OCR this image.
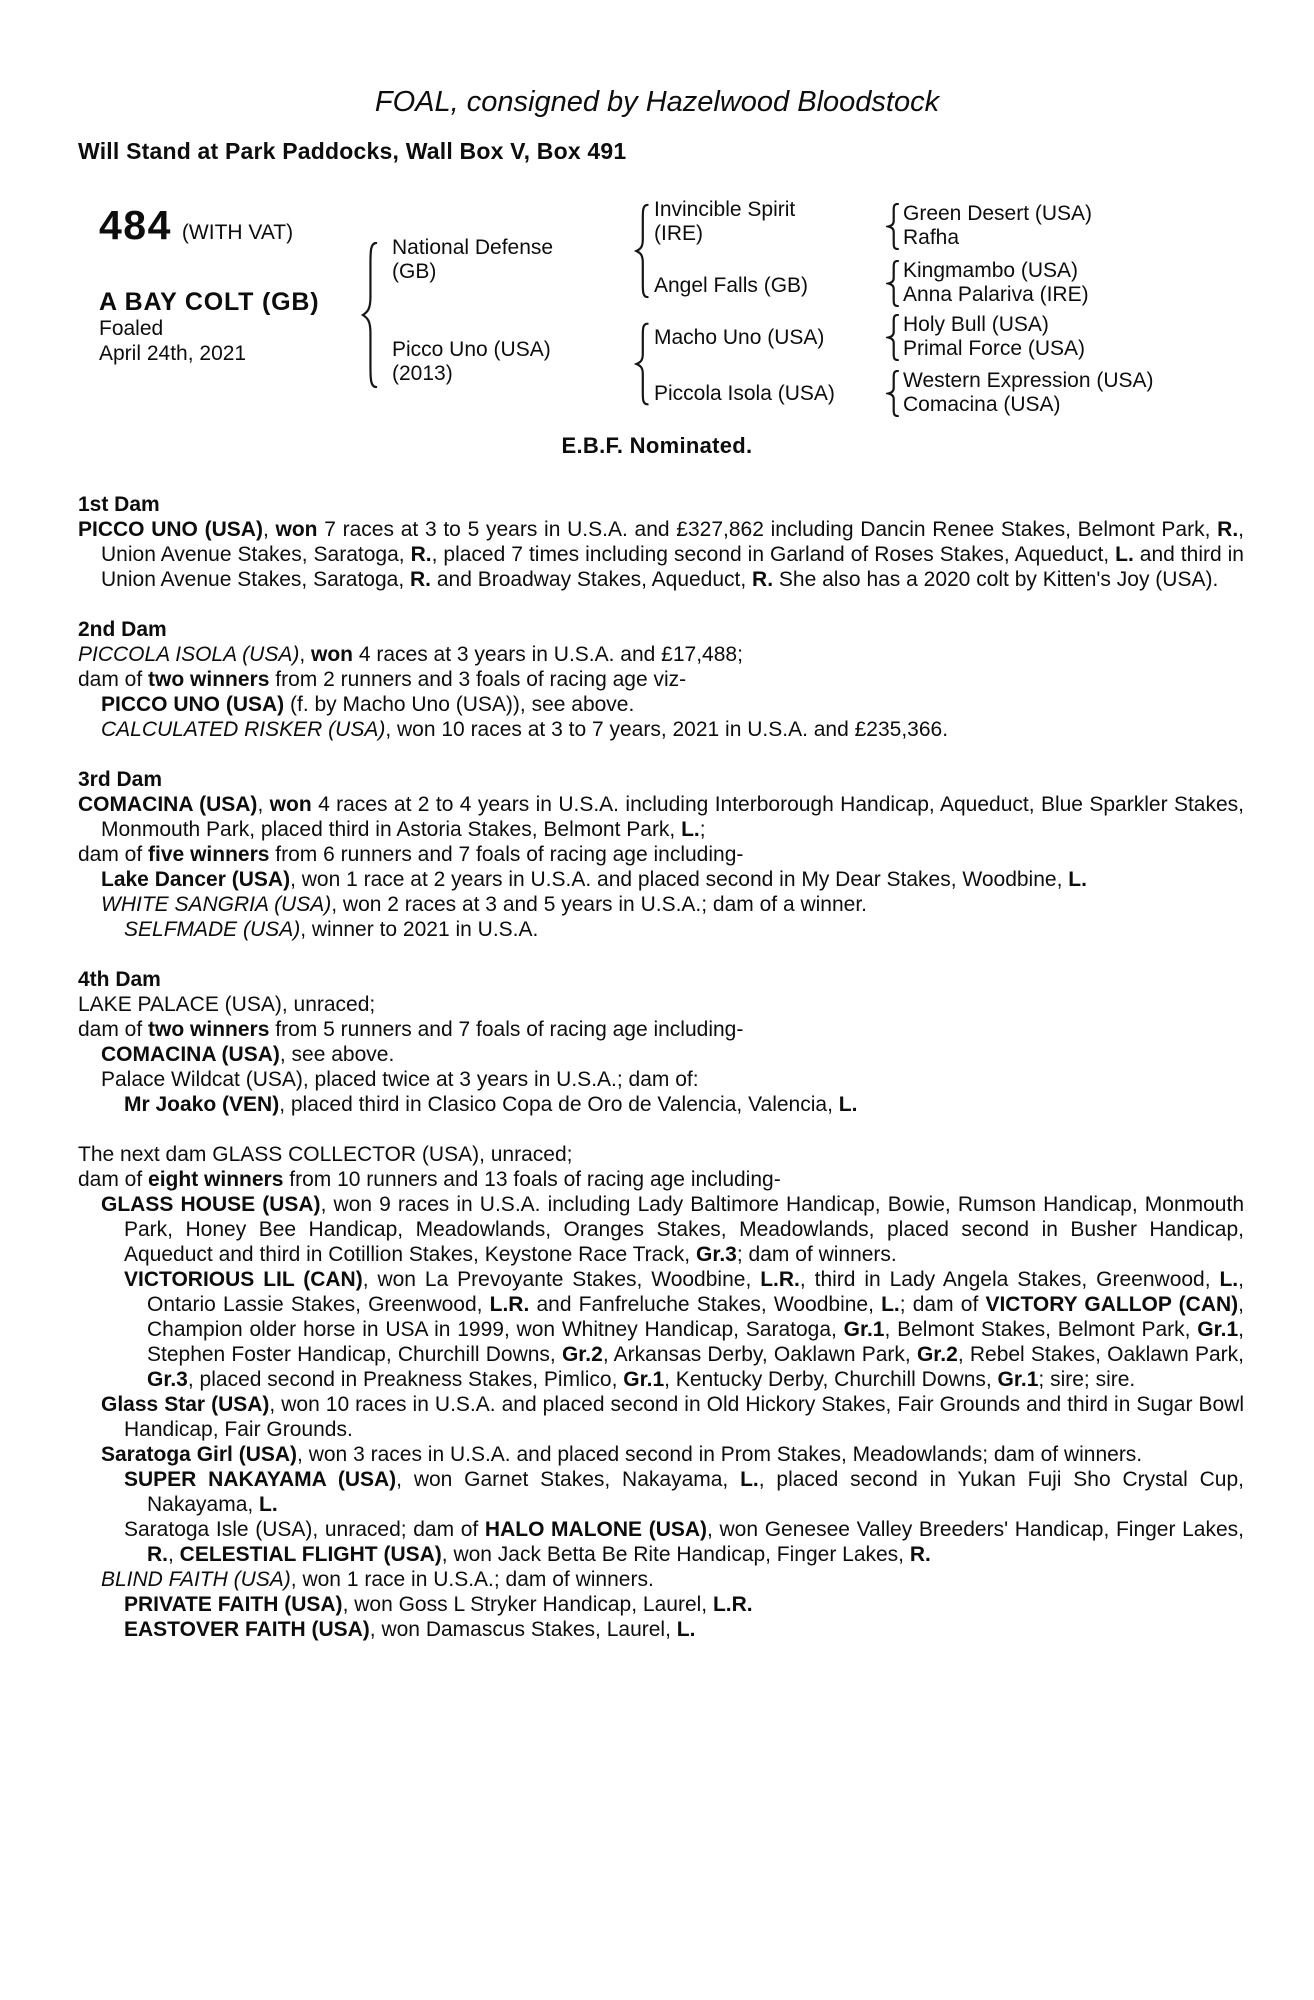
FOAL, consigned by Hazelwood Bloodstock
Will Stand at Park Paddocks, Wall Box V, Box 491
484 (WITH VAT)
A BAY COLT (GB)
Foaled
April 24th, 2021
National Defense
(GB)
Picco Uno (USA)
(2013)
Invincible Spirit
(IRE)
Angel Falls (GB)
Macho Uno (USA)
Piccola Isola (USA)
Green Desert (USA)
Rafha
Kingmambo (USA)
Anna Palariva (IRE)
Holy Bull (USA)
Primal Force (USA)
Western Expression (USA)
Comacina (USA)
E.B.F. Nominated.

1st Dam

PICCO UNO (USA), won 7 races at 3 to 5 years in U.S.A. and £327,862 including Dancin Renee Stakes, Belmont Park, R., Union Avenue Stakes, Saratoga, R., placed 7 times including second in Garland of Roses Stakes, Aqueduct, L. and third in Union Avenue Stakes, Saratoga, R. and Broadway Stakes, Aqueduct, R. She also has a 2020 colt by Kitten's Joy (USA).

2nd Dam

PICCOLA ISOLA (USA), won 4 races at 3 years in U.S.A. and £17,488;

dam of two winners from 2 runners and 3 foals of racing age viz-

PICCO UNO (USA) (f. by Macho Uno (USA)), see above.

CALCULATED RISKER (USA), won 10 races at 3 to 7 years, 2021 in U.S.A. and £235,366.

3rd Dam

COMACINA (USA), won 4 races at 2 to 4 years in U.S.A. including Interborough Handicap, Aqueduct, Blue Sparkler Stakes, Monmouth Park, placed third in Astoria Stakes, Belmont Park, L.;

dam of five winners from 6 runners and 7 foals of racing age including-

Lake Dancer (USA), won 1 race at 2 years in U.S.A. and placed second in My Dear Stakes, Woodbine, L.

WHITE SANGRIA (USA), won 2 races at 3 and 5 years in U.S.A.; dam of a winner.

SELFMADE (USA), winner to 2021 in U.S.A.

4th Dam

LAKE PALACE (USA), unraced;

dam of two winners from 5 runners and 7 foals of racing age including-

COMACINA (USA), see above.

Palace Wildcat (USA), placed twice at 3 years in U.S.A.; dam of:

Mr Joako (VEN), placed third in Clasico Copa de Oro de Valencia, Valencia, L.

The next dam GLASS COLLECTOR (USA), unraced;

dam of eight winners from 10 runners and 13 foals of racing age including-

GLASS HOUSE (USA), won 9 races in U.S.A. including Lady Baltimore Handicap, Bowie, Rumson Handicap, Monmouth Park, Honey Bee Handicap, Meadowlands, Oranges Stakes, Meadowlands, placed second in Busher Handicap, Aqueduct and third in Cotillion Stakes, Keystone Race Track, Gr.3; dam of winners.

VICTORIOUS LIL (CAN), won La Prevoyante Stakes, Woodbine, L.R., third in Lady Angela Stakes, Greenwood, L., Ontario Lassie Stakes, Greenwood, L.R. and Fanfreluche Stakes, Woodbine, L.; dam of VICTORY GALLOP (CAN), Champion older horse in USA in 1999, won Whitney Handicap, Saratoga, Gr.1, Belmont Stakes, Belmont Park, Gr.1, Stephen Foster Handicap, Churchill Downs, Gr.2, Arkansas Derby, Oaklawn Park, Gr.2, Rebel Stakes, Oaklawn Park, Gr.3, placed second in Preakness Stakes, Pimlico, Gr.1, Kentucky Derby, Churchill Downs, Gr.1; sire; sire.

Glass Star (USA), won 10 races in U.S.A. and placed second in Old Hickory Stakes, Fair Grounds and third in Sugar Bowl Handicap, Fair Grounds.

Saratoga Girl (USA), won 3 races in U.S.A. and placed second in Prom Stakes, Meadowlands; dam of winners.

SUPER NAKAYAMA (USA), won Garnet Stakes, Nakayama, L., placed second in Yukan Fuji Sho Crystal Cup, Nakayama, L.

Saratoga Isle (USA), unraced; dam of HALO MALONE (USA), won Genesee Valley Breeders' Handicap, Finger Lakes, R., CELESTIAL FLIGHT (USA), won Jack Betta Be Rite Handicap, Finger Lakes, R.

BLIND FAITH (USA), won 1 race in U.S.A.; dam of winners.

PRIVATE FAITH (USA), won Goss L Stryker Handicap, Laurel, L.R.

EASTOVER FAITH (USA), won Damascus Stakes, Laurel, L.
